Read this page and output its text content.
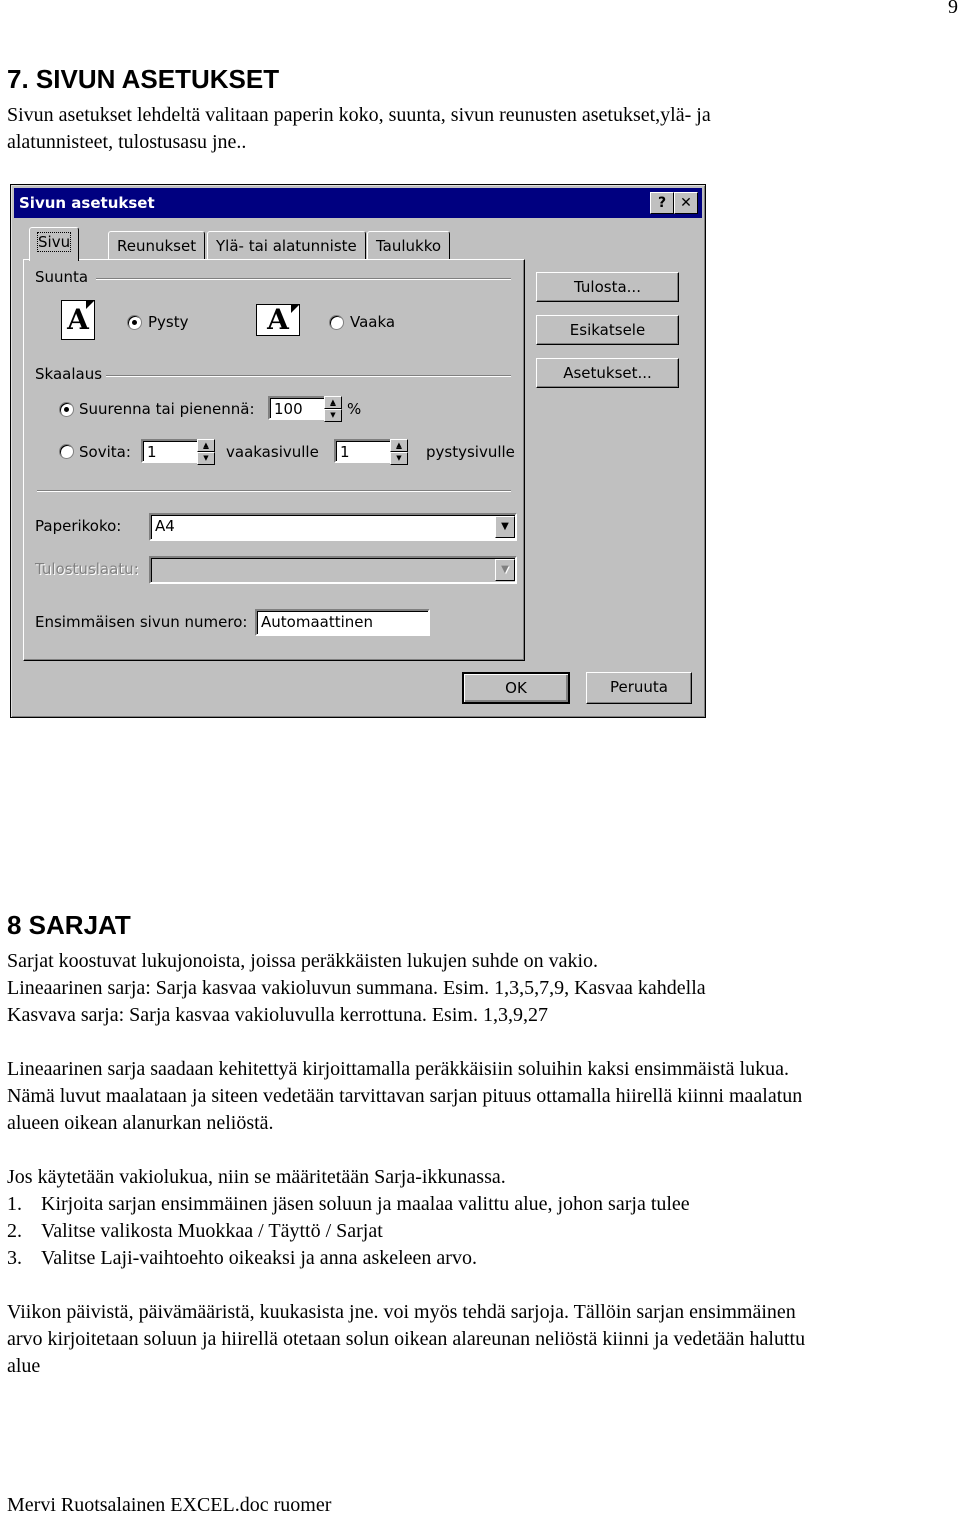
9
7. SIVUN ASETUKSET

Sivun asetukset lehdeltä valitaan paperin koko, suunta, sivun reunusten asetukset,ylä- ja

alatunnisteet, tulostusasu jne..

Sivun asetukset	?	✕
Sivu	Reunukset	Ylä- tai alatunniste	Taulukko
Suunta
A	Pysty	A	Vaaka
Skaalaus
Suurenna tai pienennä:	100	▲
▼ %
Sovita:	1	▲
▼	vaakasivulle	1	▲
▼	pystysivulle
Paperikoko:	A4	▼
Tulostuslaatu:	▼
Ensimmäisen sivun numero: Automaattinen
Tulosta...
Esikatsele
Asetukset...
OK	Peruuta
8 SARJAT

Sarjat koostuvat lukujonoista, joissa peräkkäisten lukujen suhde on vakio.

Lineaarinen sarja: Sarja kasvaa vakioluvun summana. Esim. 1,3,5,7,9, Kasvaa kahdella

Kasvava sarja: Sarja kasvaa vakioluvulla kerrottuna. Esim. 1,3,9,27

Lineaarinen sarja saadaan kehitettyä kirjoittamalla peräkkäisiin soluihin kaksi ensimmäistä lukua.

Nämä luvut maalataan ja siteen vedetään tarvittavan sarjan pituus ottamalla hiirellä kiinni maalatun

alueen oikean alanurkan neliöstä.

Jos käytetään vakiolukua, niin se määritetään Sarja-ikkunassa.

1. Kirjoita sarjan ensimmäinen jäsen soluun ja maalaa valittu alue, johon sarja tulee
2. Valitse valikosta Muokkaa / Täyttö / Sarjat
3. Valitse Laji-vaihtoehto oikeaksi ja anna askeleen arvo.

Viikon päivistä, päivämääristä, kuukasista jne. voi myös tehdä sarjoja. Tällöin sarjan ensimmäinen

arvo kirjoitetaan soluun ja hiirellä otetaan solun oikean alareunan neliöstä kiinni ja vedetään haluttu

alue

Mervi Ruotsalainen EXCEL.doc ruomer
